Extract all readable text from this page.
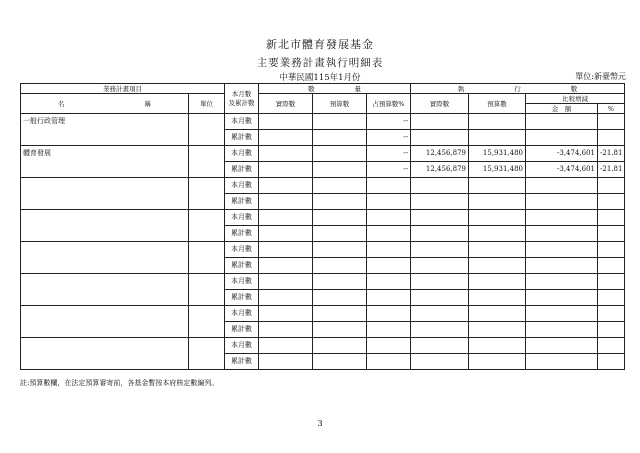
新北市體育發展基金
主要業務計畫執行明細表
中華民國115年1月份	單位:新臺幣元
業務計畫項目		本月數
及累計數	數 量			執 行 數			
名 稱	單位		實際數	預算數	占預算數%	實際數	預算數	比較增減	
								金　額	%
一般行政管理		本月數			--				
		累計數			--				
體育發展		本月數			--	12,456,879	15,931,480	-3,474,601	-21.81
		累計數			--	12,456,879	15,931,480	-3,474,601	-21.81
		本月數							
		累計數							
		本月數							
		累計數							
		本月數							
		累計數							
		本月數							
		累計數							
		本月數							
		累計數							
		本月數							
		累計數							
註:預算數欄，在法定預算審寄前，各基金暫按本府核定數編列。
3
